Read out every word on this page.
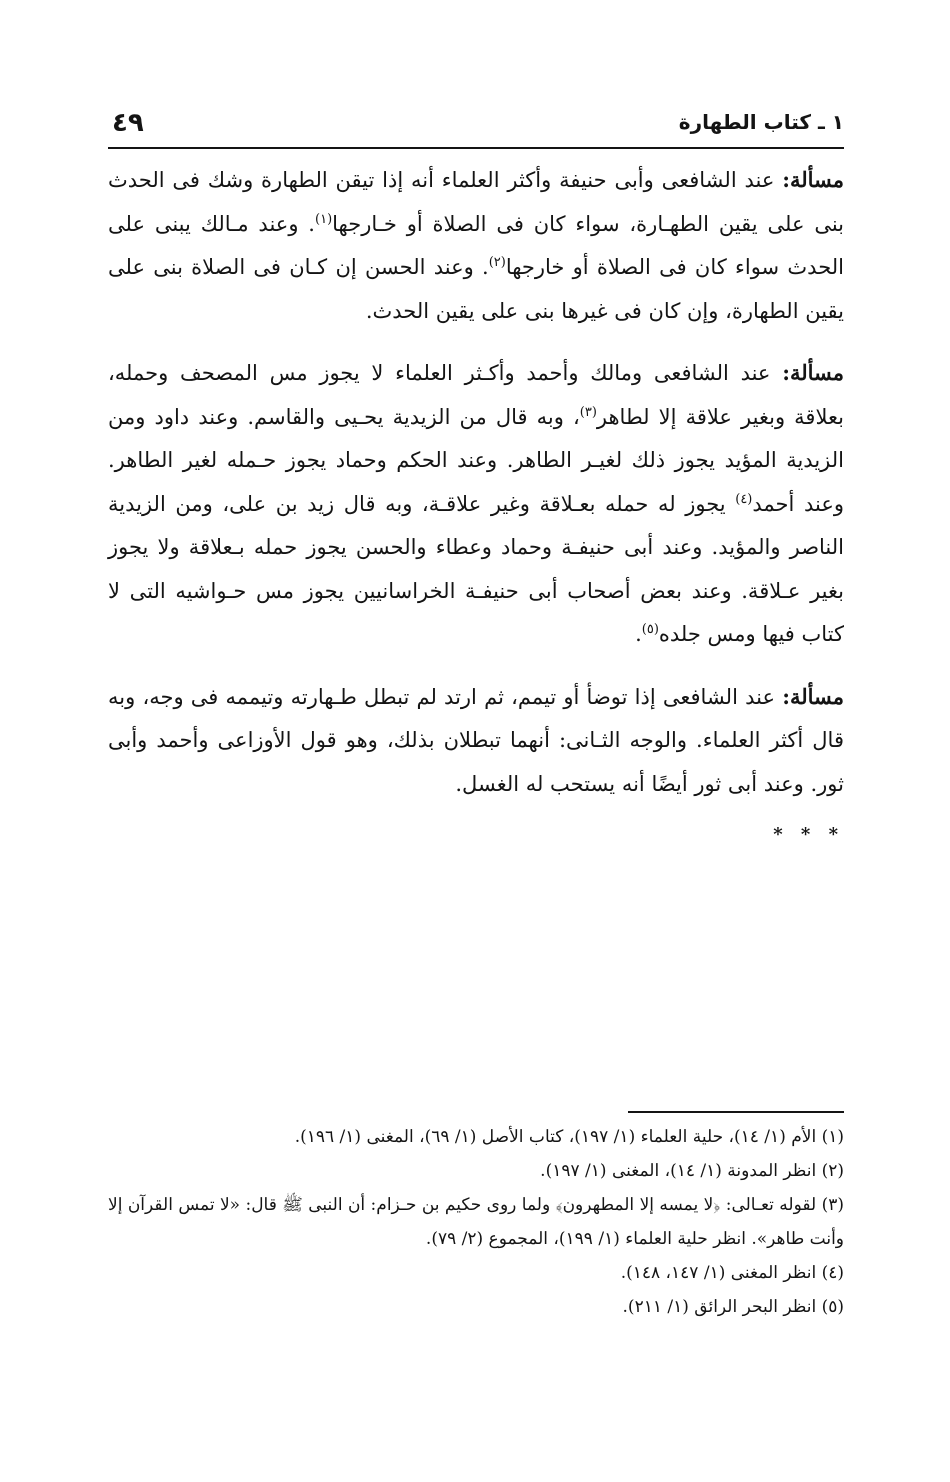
١ ـ كتاب الطهارة
٤٩

مسألة: عند الشافعى وأبى حنيفة وأكثر العلماء أنه إذا تيقن الطهارة وشك فى الحدث بنى على يقين الطهـارة، سواء كان فى الصلاة أو خـارجها$^{(١)}$. وعند مـالك يبنى على الحدث سواء كان فى الصلاة أو خارجها$^{(٢)}$. وعند الحسن إن كـان فى الصلاة بنى على يقين الطهارة، وإن كان فى غيرها بنى على يقين الحدث.

مسألة: عند الشافعى ومالك وأحمد وأكـثر العلماء لا يجوز مس المصحف وحمله، بعلاقة وبغير علاقة إلا لطاهر$^{(٣)}$، وبه قال من الزيدية يحـيى والقاسم. وعند داود ومن الزيدية المؤيد يجوز ذلك لغيـر الطاهر. وعند الحكم وحماد يجوز حـمله لغير الطاهر. وعند أحمد$^{(٤)}$ يجوز له حمله بعـلاقة وغير علاقـة، وبه قال زيد بن على، ومن الزيدية الناصر والمؤيد. وعند أبى حنيفـة وحماد وعطاء والحسن يجوز حمله بـعلاقة ولا يجوز بغير عـلاقة. وعند بعض أصحاب أبى حنيفـة الخراسانيين يجوز مس حـواشيه التى لا كتاب فيها ومس جلده$^{(٥)}$.

مسألة: عند الشافعى إذا توضأ أو تيمم، ثم ارتد لم تبطل طـهارته وتيممه فى وجه، وبه قال أكثر العلماء. والوجه الثـانى: أنهما تبطلان بذلك، وهو قول الأوزاعى وأحمد وأبى ثور. وعند أبى ثور أيضًا أنه يستحب له الغسل.

* * *

(١) الأم (١/ ١٤)، حلية العلماء (١/ ١٩٧)، كتاب الأصل (١/ ٦٩)، المغنى (١/ ١٩٦).

(٢) انظر المدونة (١/ ١٤)، المغنى (١/ ١٩٧).

(٣) لقوله تعـالى: ﴿لا يمسه إلا المطهرون﴾ ولما روى حكيم بن حـزام: أن النبى ﷺ قال: «لا تمس القرآن إلا وأنت طاهر». انظر حلية العلماء (١/ ١٩٩)، المجموع (٢/ ٧٩).

(٤) انظر المغنى (١/ ١٤٧، ١٤٨).

(٥) انظر البحر الرائق (١/ ٢١١).
